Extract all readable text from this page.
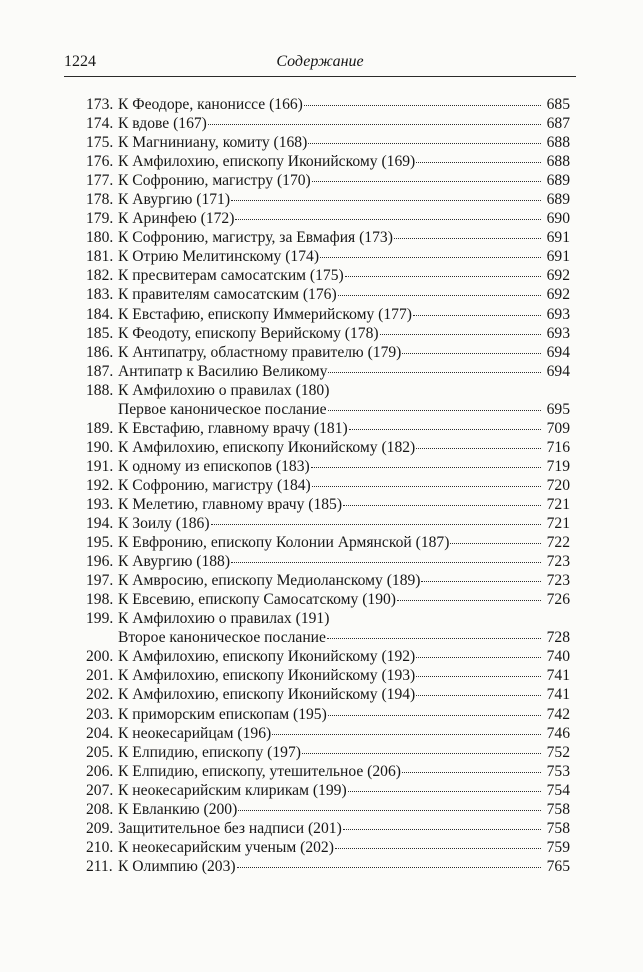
1224	Содержание
173. К Феодоре, канониссе (166)	685
174. К вдове (167)	687
175. К Магнинианy, комиту (168)	688
176. К Амфилохию, епископу Иконийскому (169)	688
177. К Софронию, магистру (170)	689
178. К Авургию (171)	689
179. К Аринфею (172)	690
180. К Софронию, магистру, за Евмафия (173)	691
181. К Отрию Мелитинскому (174)	691
182. К пресвитерам самосатским (175)	692
183. К правителям самосатским (176)	692
184. К Евстафию, епископу Иммерийскому (177)	693
185. К Феодоту, епископу Верийскому (178)	693
186. К Антипатру, областному правителю (179)	694
187. Антипатр к Василию Великому	694
188. К Амфилохию о правилах (180)
Первое каноническое послание	695
189. К Евстафию, главному врачу (181)	709
190. К Амфилохию, епископу Иконийскому (182)	716
191. К одному из епископов (183)	719
192. К Софронию, магистру (184)	720
193. К Мелетию, главному врачу (185)	721
194. К Зоилу (186)	721
195. К Евфронию, епископу Колонии Армянской (187)	722
196. К Авургию (188)	723
197. К Амвросию, епископу Медиоланскому (189)	723
198. К Евсевию, епископу Самосатскому (190)	726
199. К Амфилохию о правилах (191)
Второе каноническое послание	728
200. К Амфилохию, епископу Иконийскому (192)	740
201. К Амфилохию, епископу Иконийскому (193)	741
202. К Амфилохию, епископу Иконийскому (194)	741
203. К приморским епископам (195)	742
204. К неокесарийцам (196)	746
205. К Елпидию, епископу (197)	752
206. К Елпидию, епископу, утешительное (206)	753
207. К неокесарийским клирикам (199)	754
208. К Евланкию (200)	758
209. Защитительное без надписи (201)	758
210. К неокесарийским ученым (202)	759
211. К Олимпию (203)	765
